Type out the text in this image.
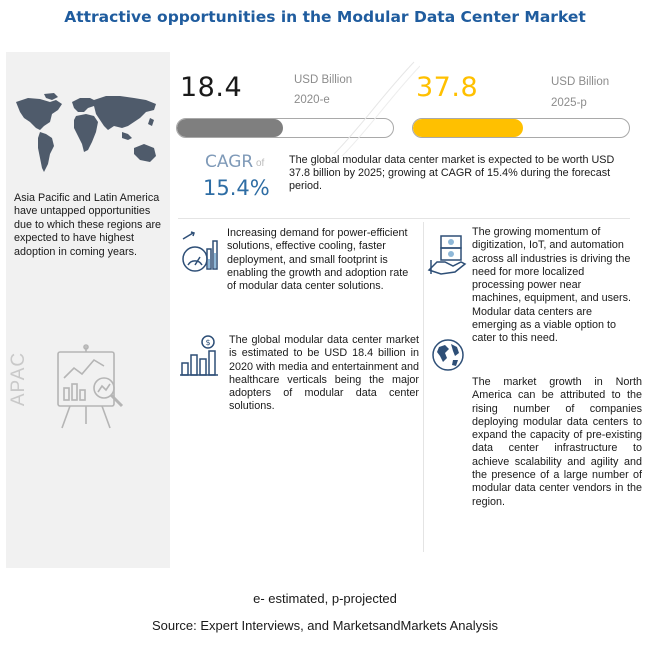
Attractive opportunities in the Modular Data Center Market
Asia Pacific and Latin America have untapped opportunities due to which these regions are expected to have highest adoption in coming years.
APAC
18.4	USD Billion
2020-e	37.8	USD Billion
2025-p
CAGR of
15.4%
The global modular data center market is expected to be worth USD 37.8 billion by 2025; growing at CAGR of 15.4% during the forecast period.
$
Increasing demand for power-efficient solutions, effective cooling, faster deployment, and small footprint is enabling the growth and adoption rate of modular data center solutions.
The global modular data center market is estimated to be USD 18.4 billion in 2020 with media and entertainment and healthcare verticals being the major adopters of modular data center solutions.
The growing momentum of digitization, IoT, and automation across all industries is driving the need for more localized processing power near machines, equipment, and users. Modular data centers are emerging as a viable option to cater to this need.
The market growth in North America can be attributed to the rising number of companies deploying modular data centers to expand the capacity of pre-existing data center infrastructure to achieve scalability and agility and the presence of a large number of modular data center vendors in the region.
e- estimated, p-projected
Source: Expert Interviews, and MarketsandMarkets Analysis
